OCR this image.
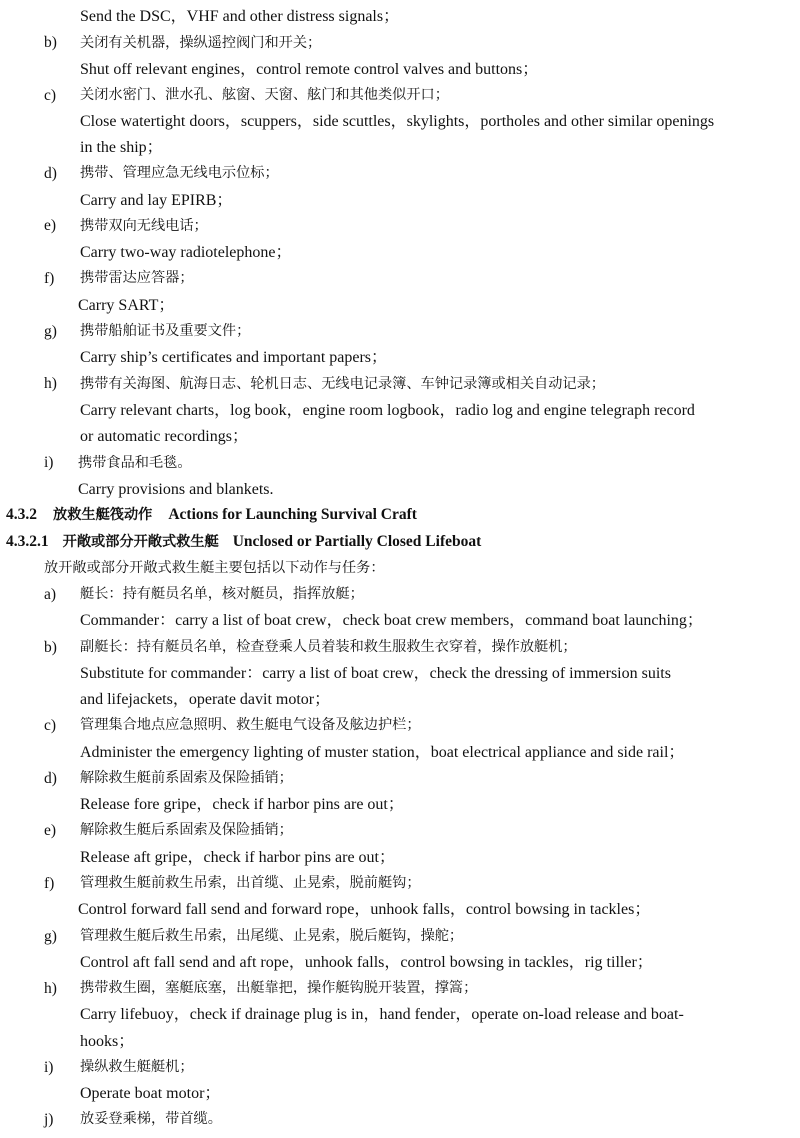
Send the DSC，VHF and other distress signals；
b) 关闭有关机器，操纵遥控阀门和开关；
Shut off relevant engines，control remote control valves and buttons；
c) 关闭水密门、泄水孔、舷窗、天窗、舷门和其他类似开口；
Close watertight doors，scuppers，side scuttles，skylights，portholes and other similar openings
in the ship；
d) 携带、管理应急无线电示位标；
Carry and lay EPIRB；
e) 携带双向无线电话；
Carry two-way radiotelephone；
f) 携带雷达应答器；
Carry SART；
g) 携带船舶证书及重要文件；
Carry ship’s certificates and important papers；
h) 携带有关海图、航海日志、轮机日志、无线电记录簿、车钟记录簿或相关自动记录；
Carry relevant charts，log book，engine room logbook，radio log and engine telegraph record
or automatic recordings；
i) 携带食品和毛毯。
Carry provisions and blankets.
4.3.2 放救生艇筏动作 Actions for Launching Survival Craft
4.3.2.1 开敞或部分开敞式救生艇 Unclosed or Partially Closed Lifeboat
放开敞或部分开敞式救生艇主要包括以下动作与任务：
a) 艇长：持有艇员名单，核对艇员，指挥放艇；
Commander：carry a list of boat crew，check boat crew members，command boat launching；
b) 副艇长：持有艇员名单，检查登乘人员着装和救生服救生衣穿着，操作放艇机；
Substitute for commander：carry a list of boat crew，check the dressing of immersion suits
and lifejackets，operate davit motor；
c) 管理集合地点应急照明、救生艇电气设备及舷边护栏；
Administer the emergency lighting of muster station，boat electrical appliance and side rail；
d) 解除救生艇前系固索及保险插销；
Release fore gripe，check if harbor pins are out；
e) 解除救生艇后系固索及保险插销；
Release aft gripe，check if harbor pins are out；
f) 管理救生艇前救生吊索，出首缆、止晃索，脱前艇钩；
Control forward fall send and forward rope，unhook falls，control bowsing in tackles；
g) 管理救生艇后救生吊索，出尾缆、止晃索，脱后艇钩，操舵；
Control aft fall send and aft rope，unhook falls，control bowsing in tackles，rig tiller；
h) 携带救生圈，塞艇底塞，出艇靠把，操作艇钩脱开装置，撑篙；
Carry lifebuoy，check if drainage plug is in，hand fender，operate on-load release and boat-
hooks；
i) 操纵救生艇艇机；
Operate boat motor；
j) 放妥登乘梯，带首缆。
